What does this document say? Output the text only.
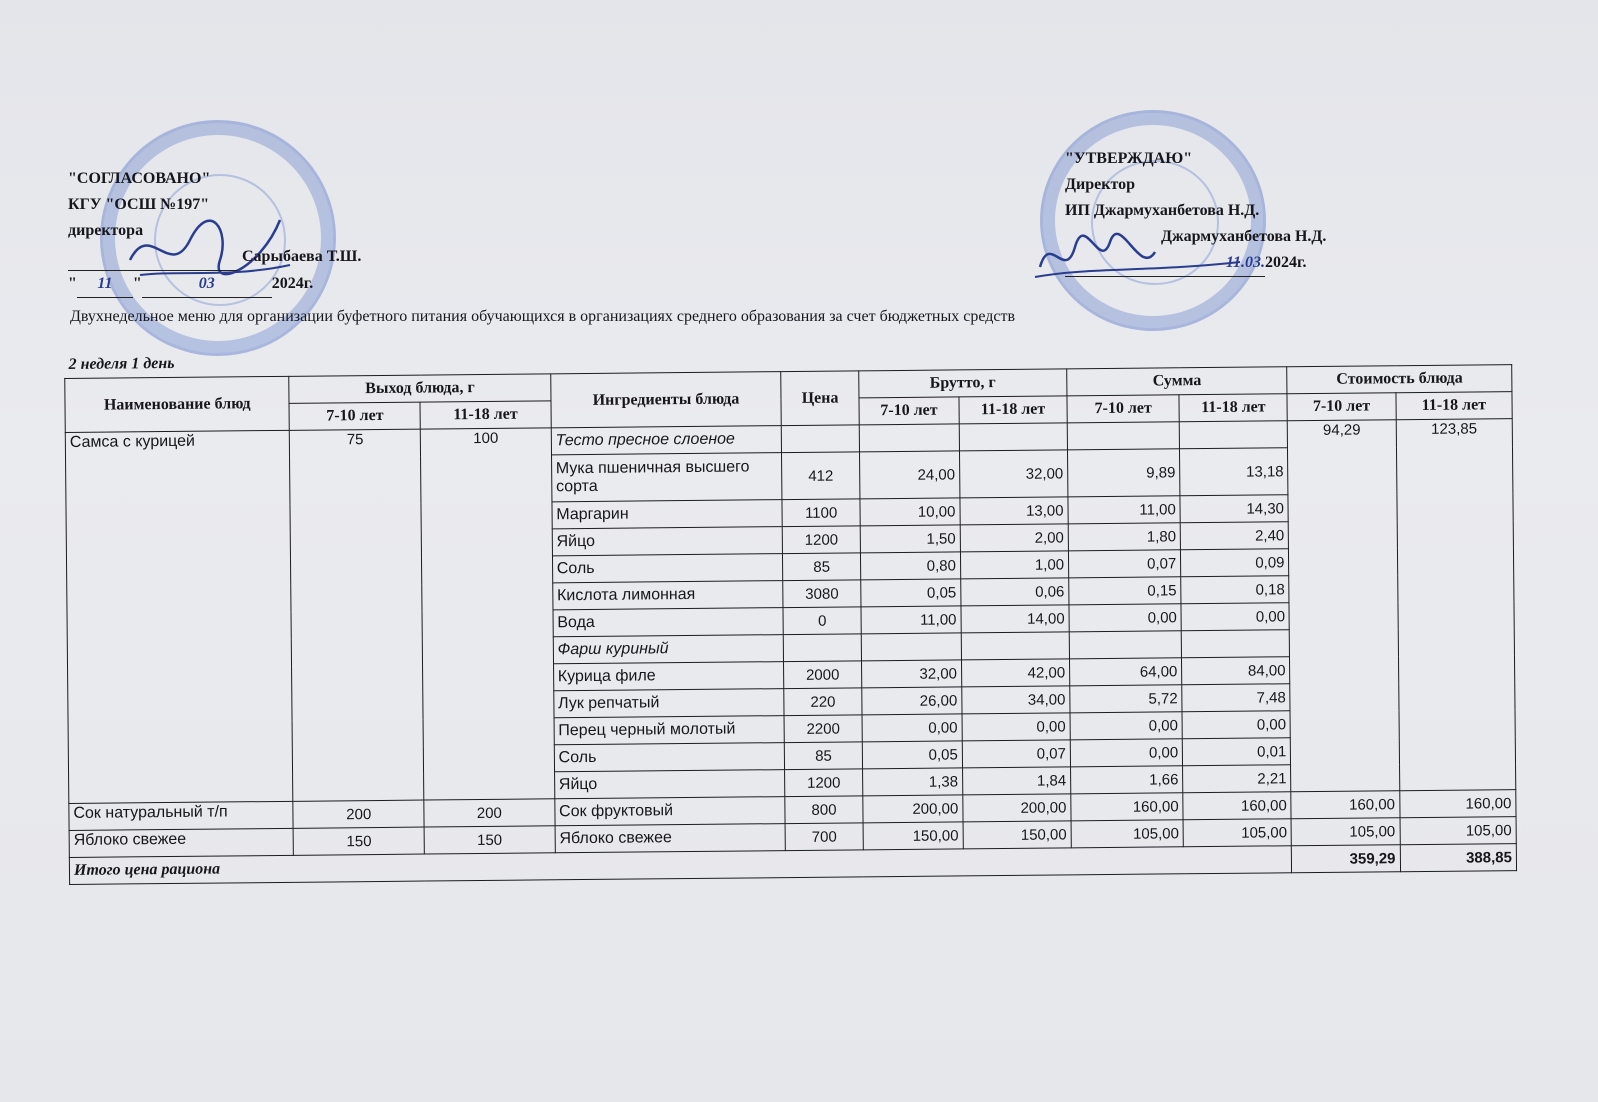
"СОГЛАСОВАНО"
КГУ "ОСШ №197"
директора
Сарыбаева Т.Ш.
" 11 "	03	2024г.
"УТВЕРЖДАЮ"
Директор
ИП Джармуханбетова Н.Д.
Джармуханбетова Н.Д.
11.03.2024г.
Двухнедельное меню для организации буфетного питания обучающихся в организациях среднего образования за счет бюджетных средств
2 неделя 1 день										
Наименование блюд	Выход блюда, г		Ингредиенты блюда	Цена	Брутто, г		Сумма		Стоимость блюда	
	7-10 лет	11-18 лет			7-10 лет	11-18 лет	7-10 лет	11-18 лет	7-10 лет	11-18 лет
Самса с курицей	75	100	Тесто пресное слоеное						94,29	123,85
			Мука пшеничная высшего сорта	412	24,00	32,00	9,89	13,18		
			Маргарин	1100	10,00	13,00	11,00	14,30		
			Яйцо	1200	1,50	2,00	1,80	2,40		
			Соль	85	0,80	1,00	0,07	0,09		
			Кислота лимонная	3080	0,05	0,06	0,15	0,18		
			Вода	0	11,00	14,00	0,00	0,00		
			Фарш куриный							
			Курица филе	2000	32,00	42,00	64,00	84,00		
			Лук репчатый	220	26,00	34,00	5,72	7,48		
			Перец черный молотый	2200	0,00	0,00	0,00	0,00		
			Соль	85	0,05	0,07	0,00	0,01		
			Яйцо	1200	1,38	1,84	1,66	2,21		
Сок натуральный т/п	200	200	Сок фруктовый	800	200,00	200,00	160,00	160,00	160,00	160,00
Яблоко свежее	150	150	Яблоко свежее	700	150,00	150,00	105,00	105,00	105,00	105,00
Итого цена рациона									359,29	388,85
